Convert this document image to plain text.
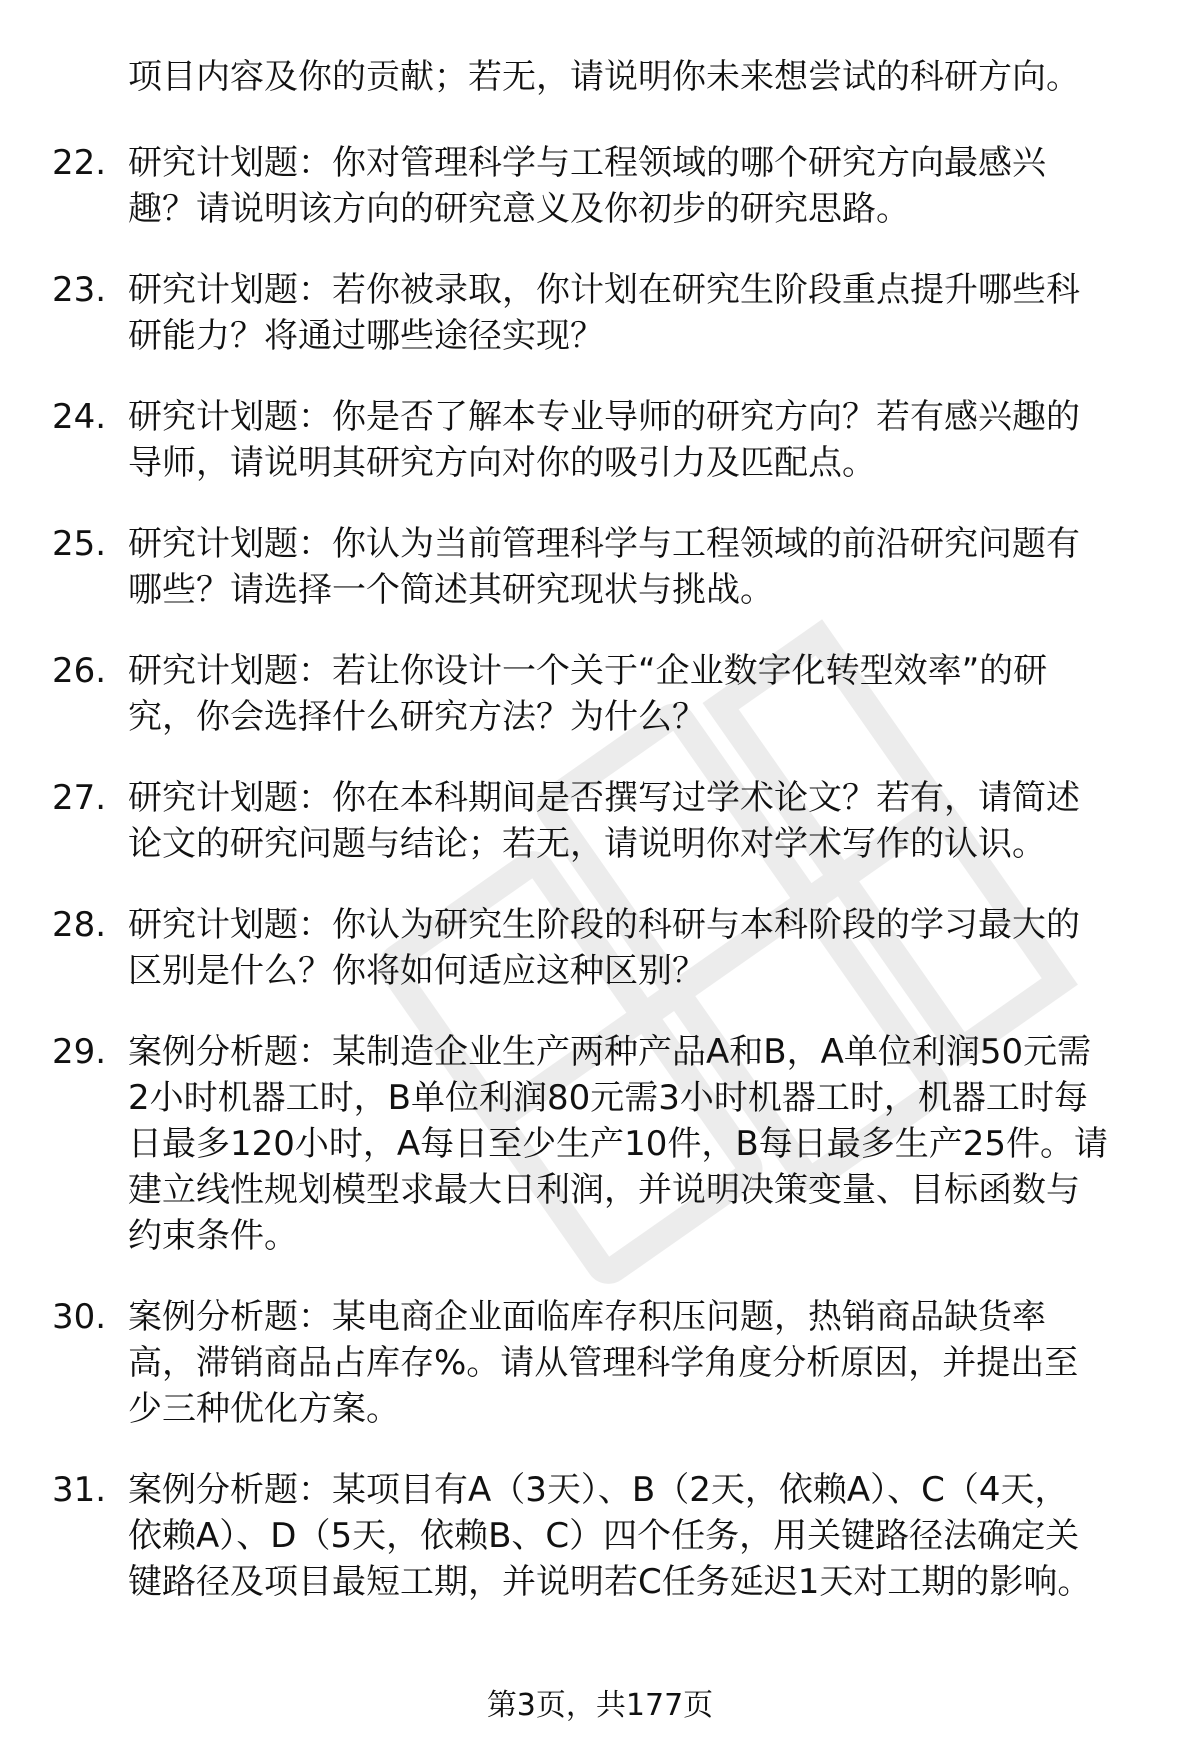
项目内容及你的贡献；若无，请说明你未来想尝试的科研方向。
22. 研究计划题：你对管理科学与工程领域的哪个研究方向最感兴
趣？请说明该方向的研究意义及你初步的研究思路。
23. 研究计划题：若你被录取，你计划在研究生阶段重点提升哪些科
研能力？将通过哪些途径实现？
24. 研究计划题：你是否了解本专业导师的研究方向？若有感兴趣的
导师，请说明其研究方向对你的吸引力及匹配点。
25. 研究计划题：你认为当前管理科学与工程领域的前沿研究问题有
哪些？请选择一个简述其研究现状与挑战。
26. 研究计划题：若让你设计一个关于“企业数字化转型效率”的研
究，你会选择什么研究方法？为什么？
27. 研究计划题：你在本科期间是否撰写过学术论文？若有，请简述
论文的研究问题与结论；若无，请说明你对学术写作的认识。
28. 研究计划题：你认为研究生阶段的科研与本科阶段的学习最大的
区别是什么？你将如何适应这种区别？
29. 案例分析题：某制造企业生产两种产品A和B，A单位利润50元需
2小时机器工时，B单位利润80元需3小时机器工时，机器工时每
日最多120小时，A每日至少生产10件，B每日最多生产25件。请
建立线性规划模型求最大日利润，并说明决策变量、目标函数与
约束条件。
30. 案例分析题：某电商企业面临库存积压问题，热销商品缺货率
高，滞销商品占库存%。请从管理科学角度分析原因，并提出至
少三种优化方案。
31. 案例分析题：某项目有A（3天）、B（2天，依赖A）、C（4天，
依赖A）、D（5天，依赖B、C）四个任务，用关键路径法确定关
键路径及项目最短工期，并说明若C任务延迟1天对工期的影响。
第3页，共177页
